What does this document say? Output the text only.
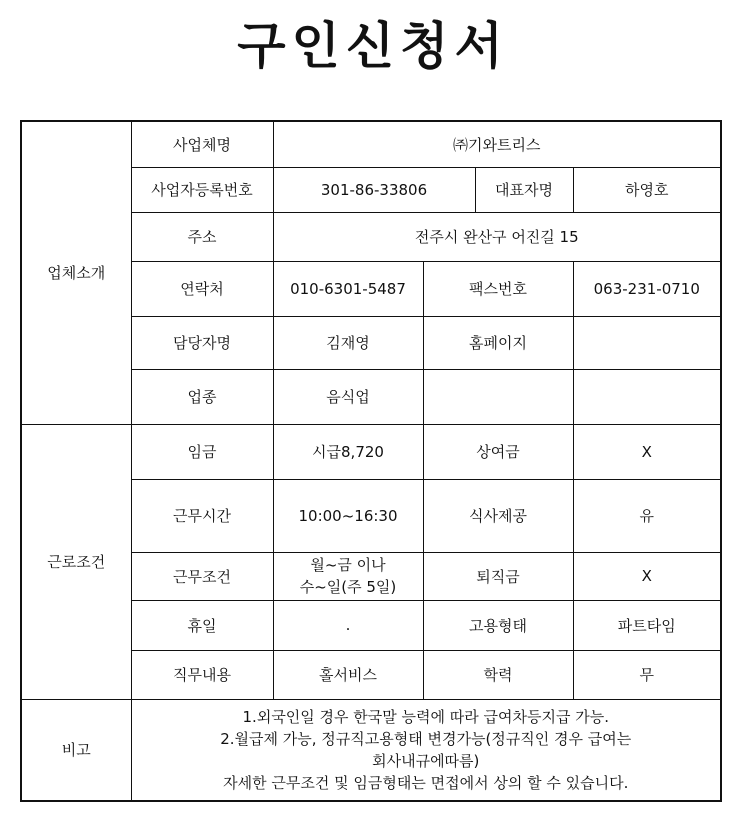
구인신청서
업체소개	사업체명	㈜기와트리스			
	사업자등록번호	301-86-33806		대표자명	하영호
	주소	전주시 완산구 어진길 15			
	연락처	010-6301-5487	팩스번호		063-231-0710
	담당자명	김재영	홈페이지		
	업종	음식업			
근로조건	임금	시급8,720	상여금		X
	근무시간	10:00~16:30	식사제공		유
	근무조건	월~금 이나
수~일(주 5일)	퇴직금		X
	휴일	.	고용형태		파트타임
	직무내용	홀서비스	학력		무
비고	1.외국인일 경우 한국말 능력에 따라 급여차등지급 가능.
2.월급제 가능, 정규직고용형태 변경가능(정규직인 경우 급여는
회사내규에따름)
자세한 근무조건 및 임금형태는 면접에서 상의 할 수 있습니다.				
